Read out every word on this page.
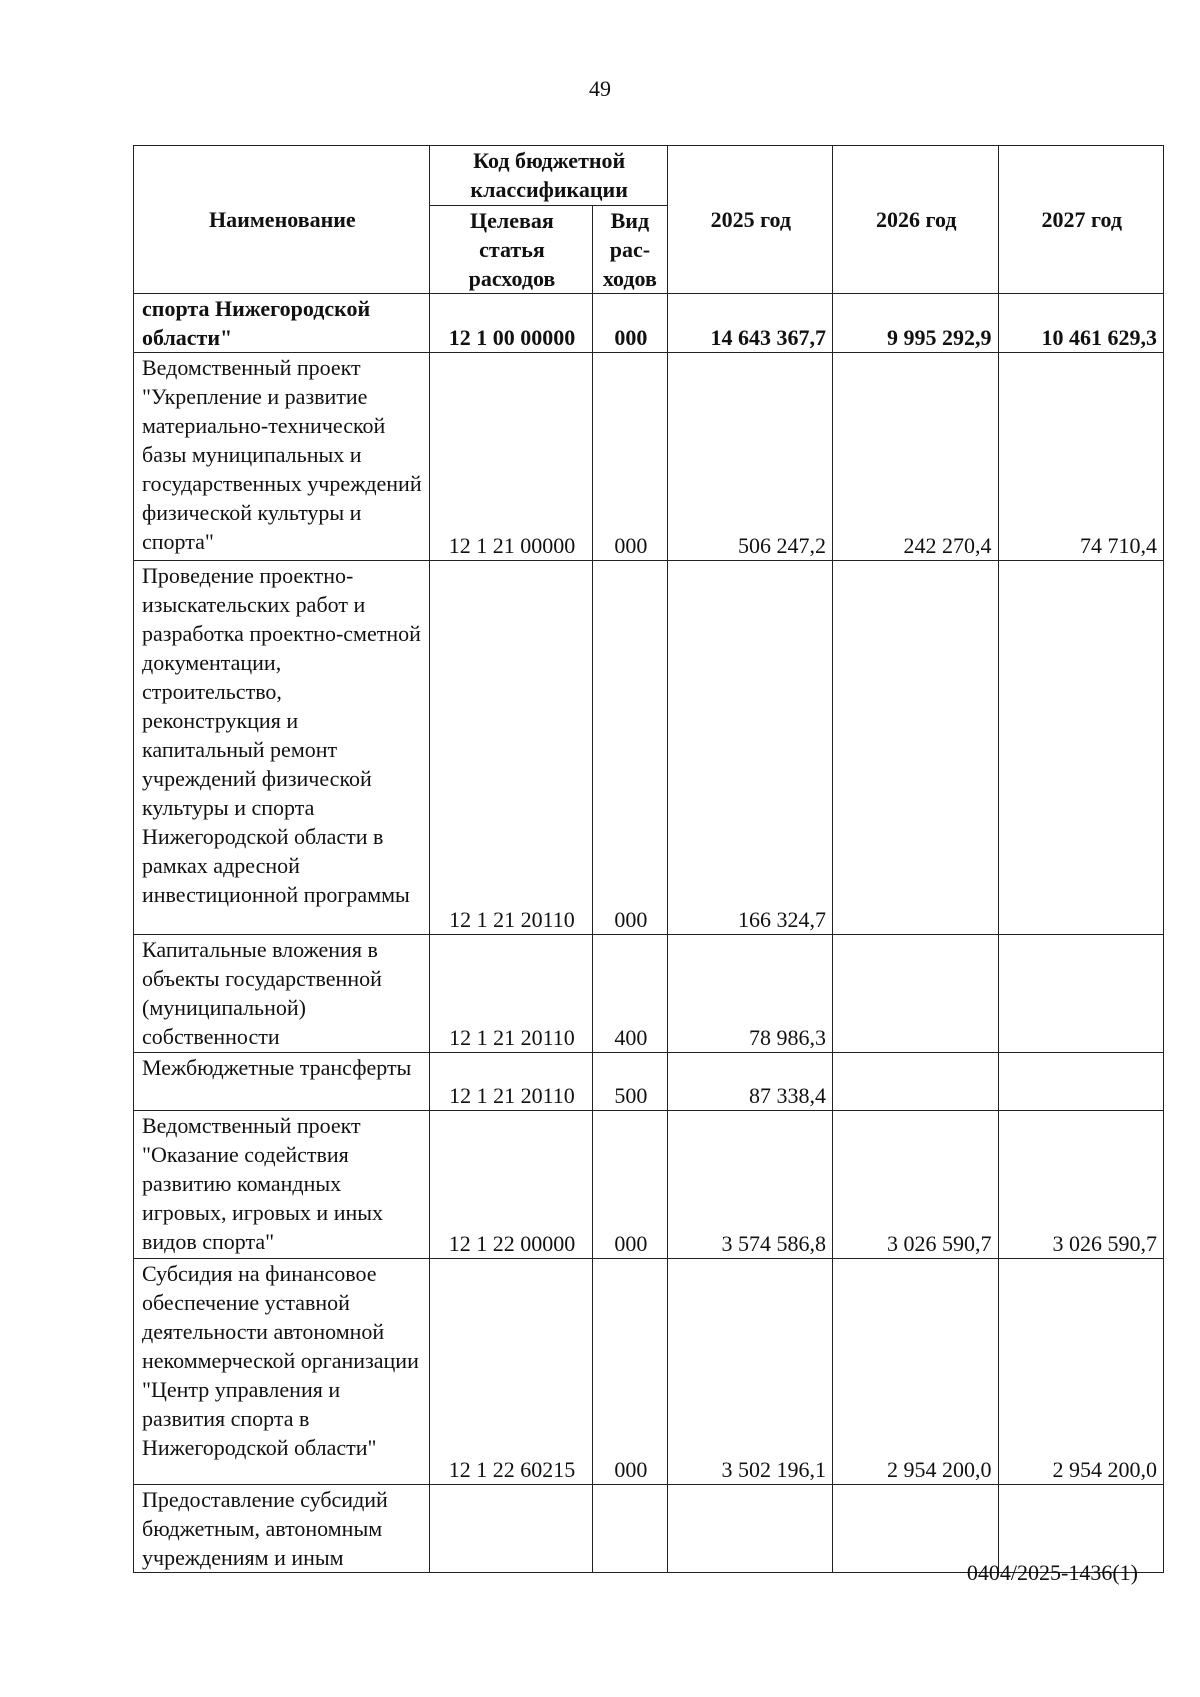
49
Наименование	Код бюджетной классификации		2025 год	2026 год	2027 год
	Целевая статья расходов	Вид рас-ходов			
спорта Нижегородской области"	12 1 00 00000	000	14 643 367,7	9 995 292,9	10 461 629,3
Ведомственный проект "Укрепление и развитие материально-технической базы муниципальных и государственных учреждений физической культуры и спорта"	12 1 21 00000	000	506 247,2	242 270,4	74 710,4
Проведение проектно-изыскательских работ и разработка проектно-сметной документации, строительство, реконструкция и капитальный ремонт учреждений физической культуры и спорта Нижегородской области в рамках адресной инвестиционной программы	12 1 21 20110	000	166 324,7		
Капитальные вложения в объекты государственной (муниципальной) собственности	12 1 21 20110	400	78 986,3		
Межбюджетные трансферты	12 1 21 20110	500	87 338,4		
Ведомственный проект "Оказание содействия развитию командных игровых, игровых и иных видов спорта"	12 1 22 00000	000	3 574 586,8	3 026 590,7	3 026 590,7
Субсидия на финансовое обеспечение уставной деятельности автономной некоммерческой организации "Центр управления и развития спорта в Нижегородской области"	12 1 22 60215	000	3 502 196,1	2 954 200,0	2 954 200,0
Предоставление субсидий бюджетным, автономным учреждениям и иным					
0404/2025-1436(1)
